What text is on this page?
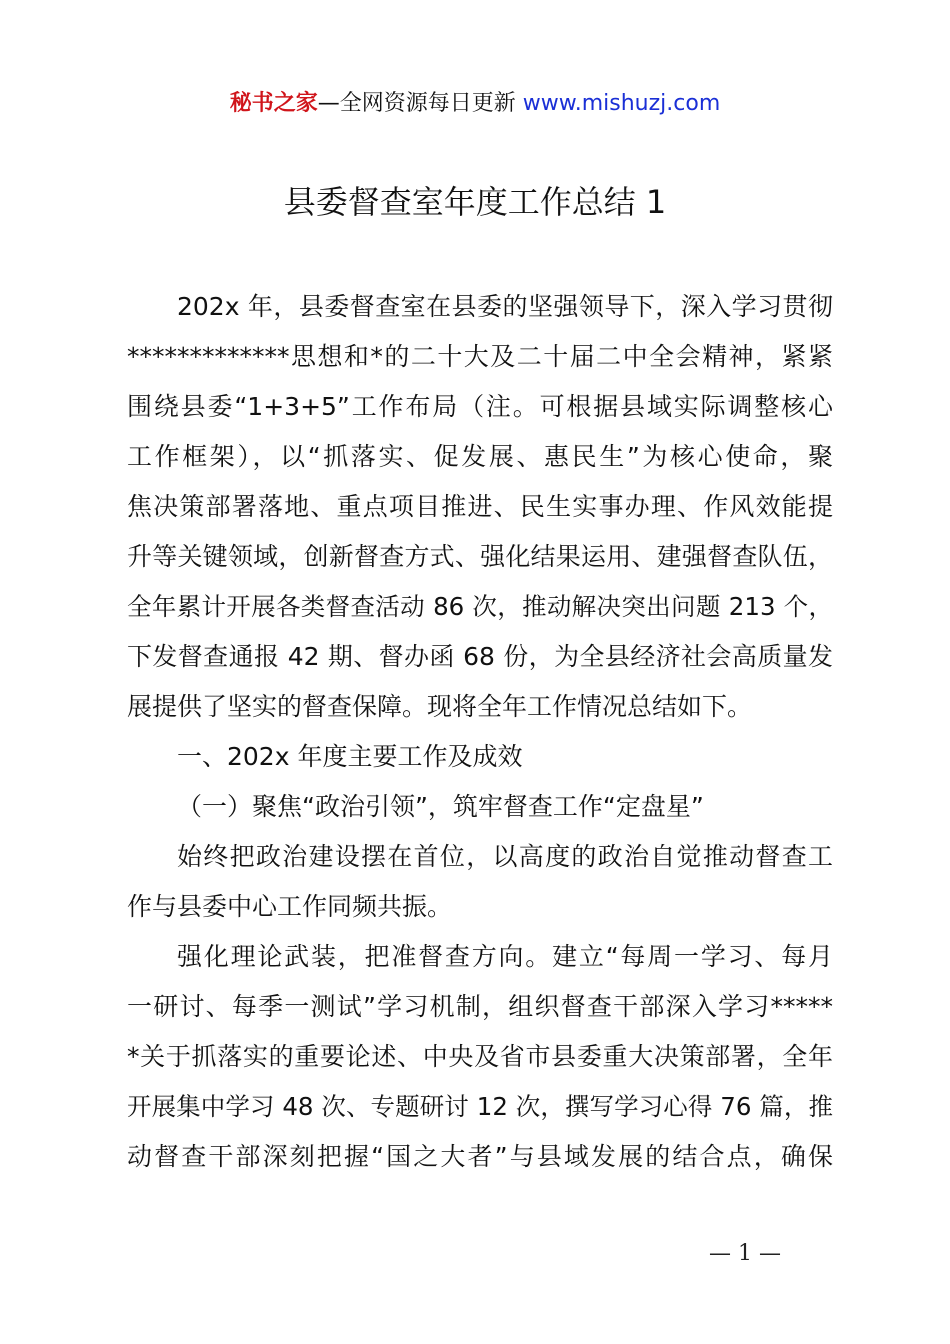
秘书之家—全网资源每日更新 www.mishuzj.com
县委督查室年度工作总结 1
202x 年，县委督查室在县委的坚强领导下，深入学习贯彻
*************思想和*的二十大及二十届二中全会精神，紧紧
围绕县委“1+3+5”工作布局（注。可根据县域实际调整核心
工作框架），以“抓落实、促发展、惠民生”为核心使命，聚
焦决策部署落地、重点项目推进、民生实事办理、作风效能提
升等关键领域，创新督查方式、强化结果运用、建强督查队伍，
全年累计开展各类督查活动 86 次，推动解决突出问题 213 个，
下发督查通报 42 期、督办函 68 份，为全县经济社会高质量发
展提供了坚实的督查保障。现将全年工作情况总结如下。
一、202x 年度主要工作及成效
（一）聚焦“政治引领”，筑牢督查工作“定盘星”
始终把政治建设摆在首位，以高度的政治自觉推动督查工
作与县委中心工作同频共振。
强化理论武装，把准督查方向。建立“每周一学习、每月
一研讨、每季一测试”学习机制，组织督查干部深入学习*****
*关于抓落实的重要论述、中央及省市县委重大决策部署，全年
开展集中学习 48 次、专题研讨 12 次，撰写学习心得 76 篇，推
动督查干部深刻把握“国之大者”与县域发展的结合点，确保
— 1 —
